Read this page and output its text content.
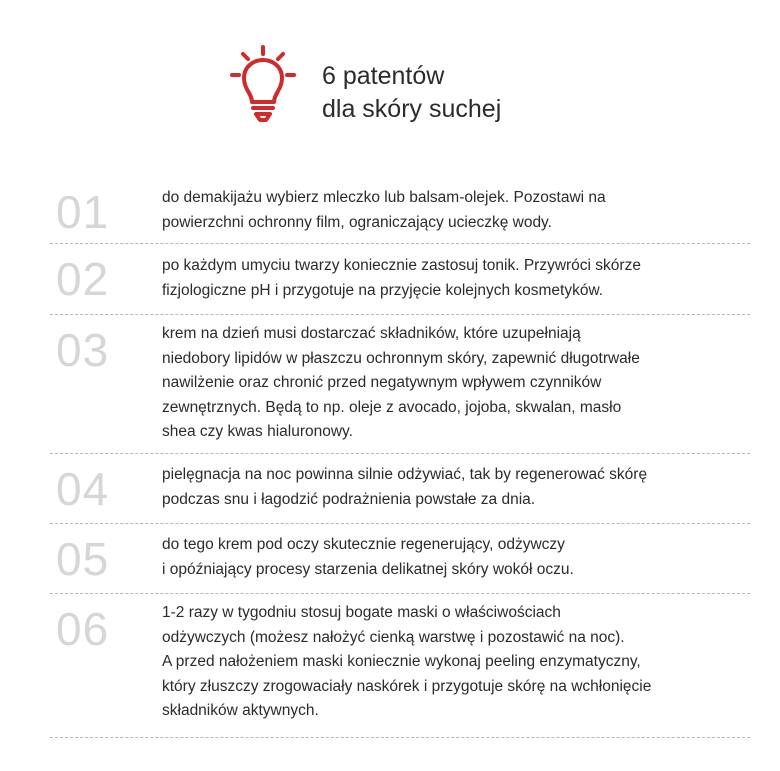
6 patentów
dla skóry suchej
01	do demakijażu wybierz mleczko lub balsam-olejek. Pozostawi na
powierzchni ochronny film, ograniczający ucieczkę wody.
02	po każdym umyciu twarzy koniecznie zastosuj tonik. Przywróci skórze
fizjologiczne pH i przygotuje na przyjęcie kolejnych kosmetyków.
03	krem na dzień musi dostarczać składników, które uzupełniają
niedobory lipidów w płaszczu ochronnym skóry, zapewnić długotrwałe
nawilżenie oraz chronić przed negatywnym wpływem czynników
zewnętrznych. Będą to np. oleje z avocado, jojoba, skwalan, masło
shea czy kwas hialuronowy.
04	pielęgnacja na noc powinna silnie odżywiać, tak by regenerować skórę
podczas snu i łagodzić podrażnienia powstałe za dnia.
05	do tego krem pod oczy skutecznie regenerujący, odżywczy
i opóźniający procesy starzenia delikatnej skóry wokół oczu.
06	1-2 razy w tygodniu stosuj bogate maski o właściwościach
odżywczych (możesz nałożyć cienką warstwę i pozostawić na noc).
A przed nałożeniem maski koniecznie wykonaj peeling enzymatyczny,
który złuszczy zrogowaciały naskórek i przygotuje skórę na wchłonięcie
składników aktywnych.
